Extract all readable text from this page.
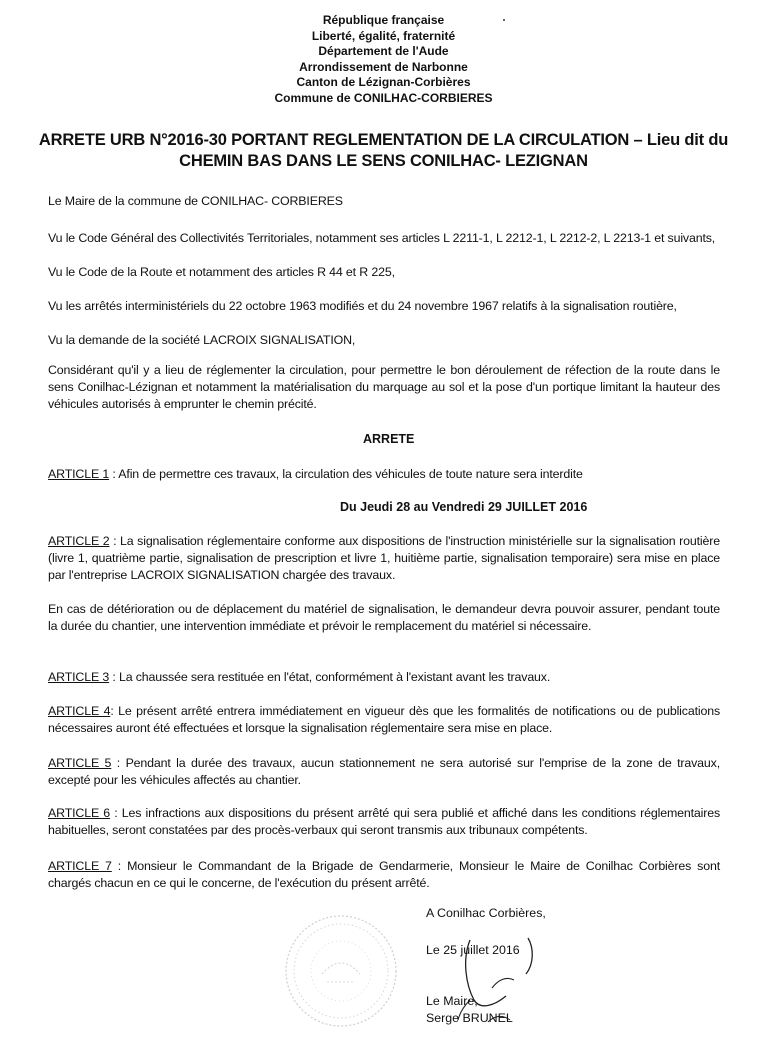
République française
Liberté, égalité, fraternité
Département de l'Aude
Arrondissement de Narbonne
Canton de Lézignan-Corbières
Commune de CONILHAC-CORBIERES
ARRETE URB N°2016-30 PORTANT REGLEMENTATION DE LA CIRCULATION – Lieu dit du
CHEMIN BAS DANS LE SENS CONILHAC- LEZIGNAN
Le Maire de la commune de CONILHAC- CORBIERES
Vu le Code Général des Collectivités Territoriales, notamment ses articles L 2211-1, L 2212-1, L 2212-2, L 2213-1 et suivants,
Vu le Code de la Route et notamment des articles R 44 et R 225,
Vu les arrêtés interministériels du 22 octobre 1963 modifiés et du 24 novembre 1967 relatifs à la signalisation routière,
Vu la demande de la société LACROIX SIGNALISATION,
Considérant qu'il y a lieu de réglementer la circulation, pour permettre le bon déroulement de réfection de la route dans le sens Conilhac-Lézignan et notamment la matérialisation du marquage au sol et la pose d'un portique limitant la hauteur des véhicules autorisés à emprunter le chemin précité.
ARRETE
ARTICLE 1 : Afin de permettre ces travaux, la circulation des véhicules de toute nature sera interdite
Du Jeudi 28 au Vendredi 29 JUILLET 2016
ARTICLE 2 : La signalisation réglementaire conforme aux dispositions de l'instruction ministérielle sur la signalisation routière (livre 1, quatrième partie, signalisation de prescription et livre 1, huitième partie, signalisation temporaire) sera mise en place par l'entreprise LACROIX SIGNALISATION chargée des travaux.
En cas de détérioration ou de déplacement du matériel de signalisation, le demandeur devra pouvoir assurer, pendant toute la durée du chantier, une intervention immédiate et prévoir le remplacement du matériel si nécessaire.
ARTICLE 3 : La chaussée sera restituée en l'état, conformément à l'existant avant les travaux.
ARTICLE 4: Le présent arrêté entrera immédiatement en vigueur dès que les formalités de notifications ou de publications nécessaires auront été effectuées et lorsque la signalisation réglementaire sera mise en place.
ARTICLE 5 : Pendant la durée des travaux, aucun stationnement ne sera autorisé sur l'emprise de la zone de travaux, excepté pour les véhicules affectés au chantier.
ARTICLE 6 : Les infractions aux dispositions du présent arrêté qui sera publié et affiché dans les conditions réglementaires habituelles, seront constatées par des procès-verbaux qui seront transmis aux tribunaux compétents.
ARTICLE 7 : Monsieur le Commandant de la Brigade de Gendarmerie, Monsieur le Maire de Conilhac Corbières sont chargés chacun en ce qui le concerne, de l'exécution du présent arrêté.
A Conilhac Corbières,
Le 25 juillet 2016
Le Maire,
Serge BRUNEL
